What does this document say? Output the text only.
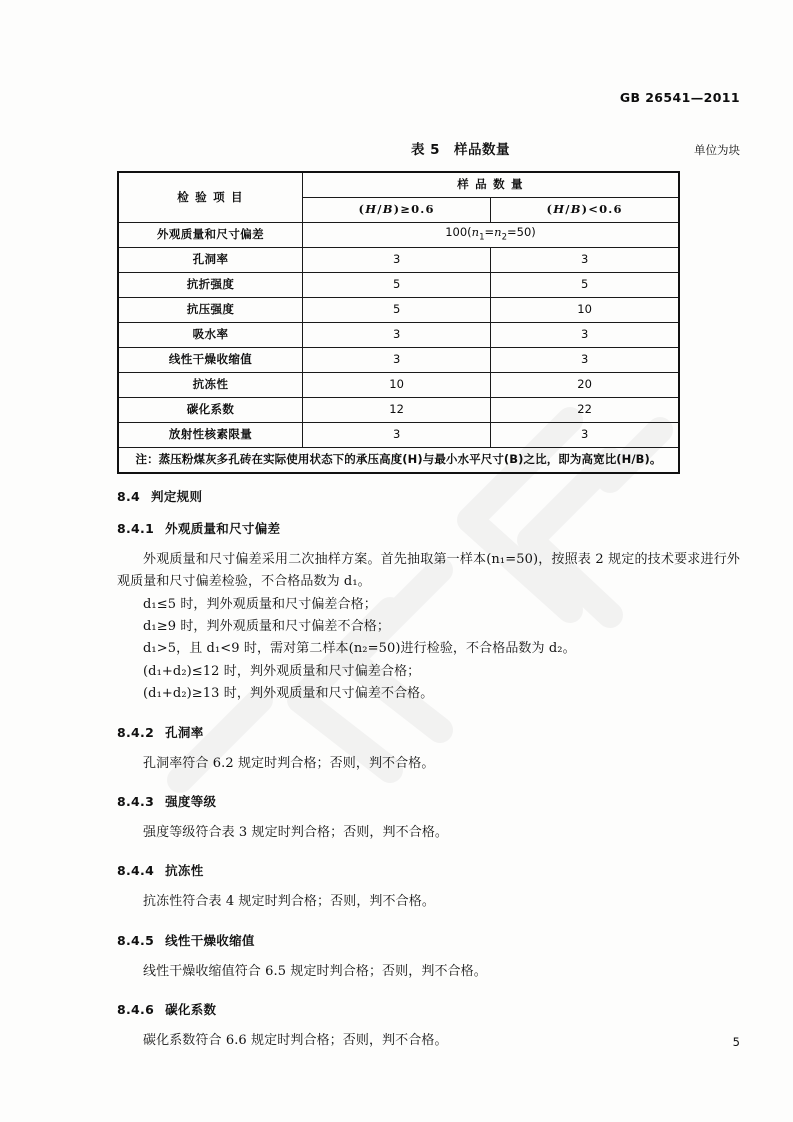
GB 26541—2011
表 5　样品数量	单位为块
检 验 项 目	样 品 数 量	
	(H/B)≥0.6	(H/B)<0.6
外观质量和尺寸偏差	$100(n_1=n_2=50)$	
孔洞率	3	3
抗折强度	5	5
抗压强度	5	10
吸水率	3	3
线性干燥收缩值	3	3
抗冻性	10	20
碳化系数	12	22
放射性核素限量	3	3
注：蒸压粉煤灰多孔砖在实际使用状态下的承压高度(H)与最小水平尺寸(B)之比，即为高宽比(H/B)。		
8.4 判定规则
8.4.1 外观质量和尺寸偏差

外观质量和尺寸偏差采用二次抽样方案。首先抽取第一样本(n₁=50)，按照表 2 规定的技术要求进行外观质量和尺寸偏差检验，不合格品数为 d₁。

d₁≤5 时，判外观质量和尺寸偏差合格；

d₁≥9 时，判外观质量和尺寸偏差不合格；

d₁>5，且 d₁<9 时，需对第二样本(n₂=50)进行检验，不合格品数为 d₂。

(d₁+d₂)≤12 时，判外观质量和尺寸偏差合格；

(d₁+d₂)≥13 时，判外观质量和尺寸偏差不合格。

8.4.2 孔洞率

孔洞率符合 6.2 规定时判合格；否则，判不合格。

8.4.3 强度等级

强度等级符合表 3 规定时判合格；否则，判不合格。

8.4.4 抗冻性

抗冻性符合表 4 规定时判合格；否则，判不合格。

8.4.5 线性干燥收缩值

线性干燥收缩值符合 6.5 规定时判合格；否则，判不合格。

8.4.6 碳化系数

碳化系数符合 6.6 规定时判合格；否则，判不合格。	5
